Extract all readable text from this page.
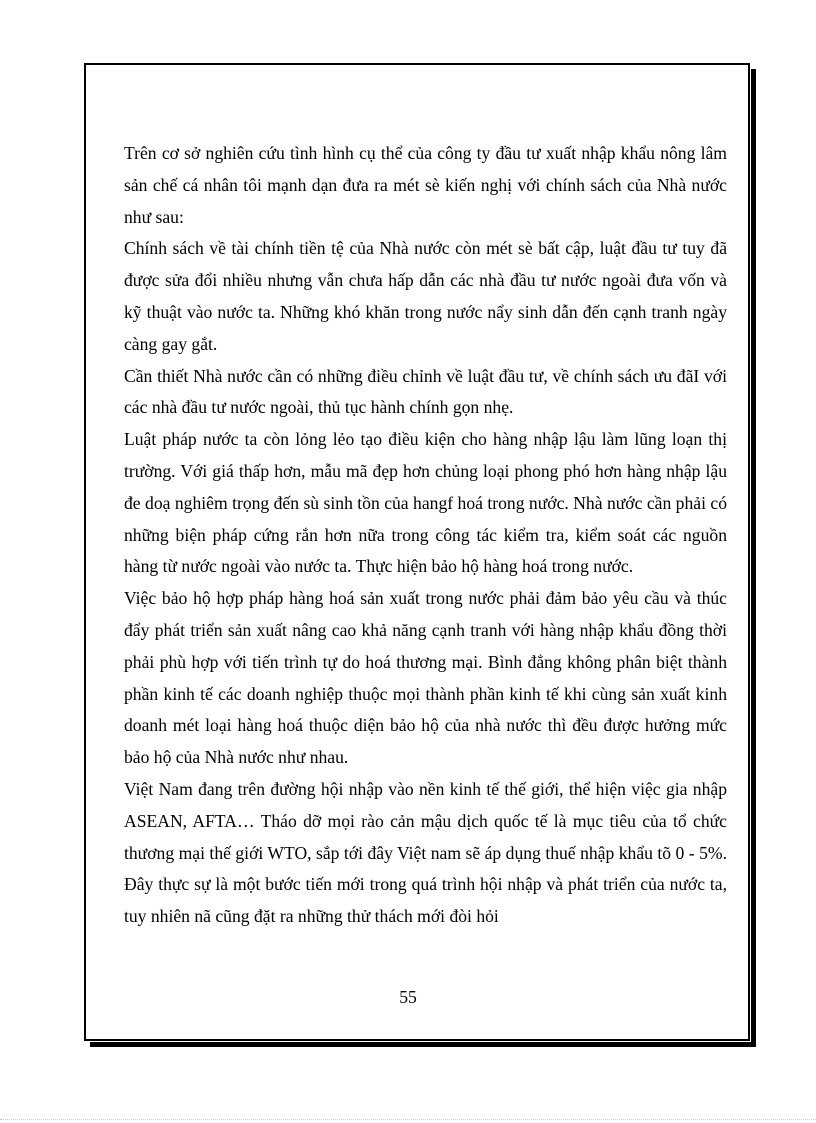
Trên cơ sở nghiên cứu tình hình cụ thể của công ty đầu tư xuất nhập khẩu nông lâm sản chế cá nhân tôi mạnh dạn đưa ra mét sè kiến nghị với chính sách của Nhà nước như sau:

Chính sách về tài chính tiền tệ của Nhà nước còn mét sè bất cập, luật đầu tư tuy đã được sửa đổi nhiều nhưng vẫn chưa hấp dẫn các nhà đầu tư nước ngoài đưa vốn và kỹ thuật vào nước ta. Những khó khăn trong nước nẩy sinh dẫn đến cạnh tranh ngày càng gay gắt.

Cần thiết Nhà nước cần có những điều chỉnh về luật đầu tư, về chính sách ưu đãI với các nhà đầu tư nước ngoài, thủ tục hành chính gọn nhẹ.

Luật pháp nước ta còn lỏng lẻo tạo điều kiện cho hàng nhập lậu làm lũng loạn thị trường. Với giá thấp hơn, mẫu mã đẹp hơn chủng loại phong phó hơn hàng nhập lậu đe doạ nghiêm trọng đến sù sinh tồn của hangf hoá trong nước. Nhà nước cần phải có những biện pháp cứng rắn hơn nữa trong công tác kiểm tra, kiểm soát các nguồn hàng từ nước ngoài vào nước ta. Thực hiện bảo hộ hàng hoá trong nước.

Việc bảo hộ hợp pháp hàng hoá sản xuất trong nước phải đảm bảo yêu cầu và thúc đẩy phát triển sản xuất nâng cao khả năng cạnh tranh với hàng nhập khẩu đồng thời phải phù hợp với tiến trình tự do hoá thương mại. Bình đẳng không phân biệt thành phần kinh tế các doanh nghiệp thuộc mọi thành phần kinh tế khi cùng sản xuất kinh doanh mét loại hàng hoá thuộc diện bảo hộ của nhà nước thì đều được hưởng mức bảo hộ của Nhà nước như nhau.

Việt Nam đang trên đường hội nhập vào nền kinh tế thế giới, thể hiện việc gia nhập ASEAN, AFTA… Tháo dỡ mọi rào cản mậu dịch quốc tế là mục tiêu của tổ chức thương mại thế giới WTO, sắp tới đây Việt nam sẽ áp dụng thuế nhập khẩu tõ 0 - 5%. Đây thực sự là một bước tiến mới trong quá trình hội nhập và phát triển của nước ta, tuy nhiên nã cũng đặt ra những thử thách mới đòi hỏi

55
